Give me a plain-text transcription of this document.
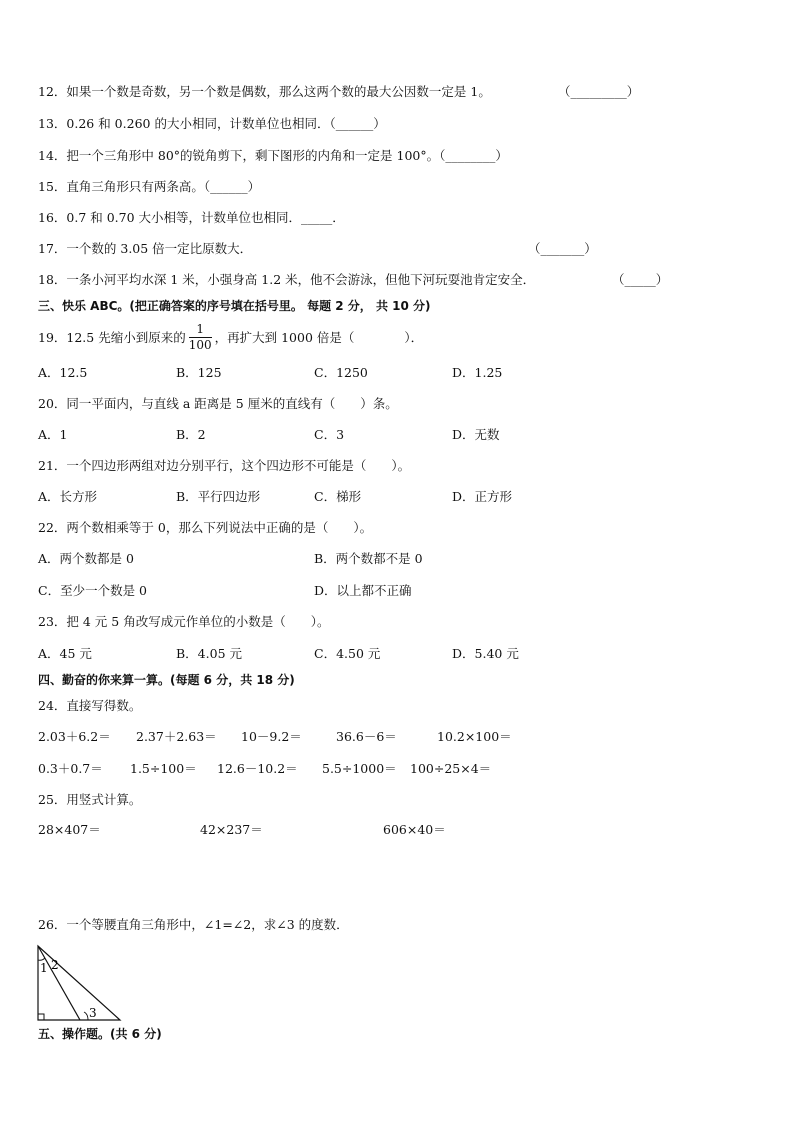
12．如果一个数是奇数，另一个数是偶数，那么这两个数的最大公因数一定是 1。	（_________）
13．0.26 和 0.260 的大小相同，计数单位也相同．（______）
14．把一个三角形中 80°的锐角剪下，剩下图形的内角和一定是 100°。（________）
15．直角三角形只有两条高。（______）
16．0.7 和 0.70 大小相等，计数单位也相同．_____．
17．一个数的 3.05 倍一定比原数大．	（_______）
18．一条小河平均水深 1 米，小强身高 1.2 米，他不会游泳，但他下河玩耍池肯定安全．	（_____）
三、快乐 ABC。(把正确答案的序号填在括号里。 每题 2 分， 共 10 分)
19．12.5 先缩小到原来的 $\frac{1}{100}$ ，再扩大到 1000 倍是（　　　　）．
A．12.5	B．125	C．1250	D．1.25
20．同一平面内，与直线 a 距离是 5 厘米的直线有（　　）条。
A．1	B．2	C．3	D．无数
21．一个四边形两组对边分别平行，这个四边形不可能是（　　）。
A．长方形	B．平行四边形	C．梯形	D．正方形
22．两个数相乘等于 0，那么下列说法中正确的是（　　）。
A．两个数都是 0	B．两个数都不是 0
C．至少一个数是 0	D．以上都不正确
23．把 4 元 5 角改写成元作单位的小数是（　　）。
A．45 元	B．4.05 元	C．4.50 元	D．5.40 元
四、勤奋的你来算一算。(每题 6 分，共 18 分)
24．直接写得数。
2.03＋6.2＝ 2.37＋2.63＝ 10－9.2＝	36.6－6＝	10.2×100＝
0.3＋0.7＝ 1.5÷100＝ 12.6－10.2＝ 5.5÷1000＝ 100÷25×4＝
25．用竖式计算。
28×407＝	42×237＝	606×40＝
26．一个等腰直角三角形中，∠1=∠2，求∠3 的度数．
1 2
3
五、操作题。(共 6 分)
